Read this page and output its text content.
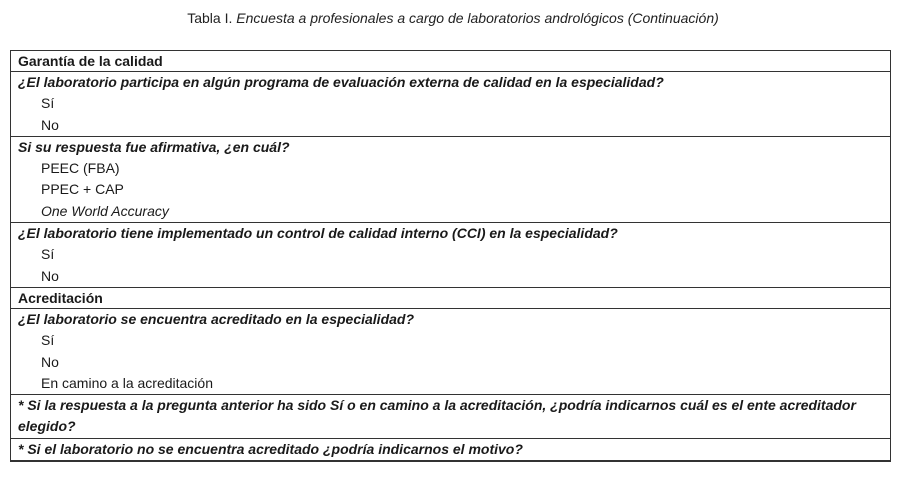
Tabla I. Encuesta a profesionales a cargo de laboratorios andrológicos (Continuación)
Garantía de la calidad
¿El laboratorio participa en algún programa de evaluación externa de calidad en la especialidad?
Sí
No
Si su respuesta fue afirmativa, ¿en cuál?
PEEC (FBA)
PPEC + CAP
One World Accuracy
¿El laboratorio tiene implementado un control de calidad interno (CCI) en la especialidad?
Sí
No
Acreditación
¿El laboratorio se encuentra acreditado en la especialidad?
Sí
No
En camino a la acreditación
* Si la respuesta a la pregunta anterior ha sido Sí o en camino a la acreditación, ¿podría indicarnos cuál es el ente acreditador elegido?
* Si el laboratorio no se encuentra acreditado ¿podría indicarnos el motivo?
